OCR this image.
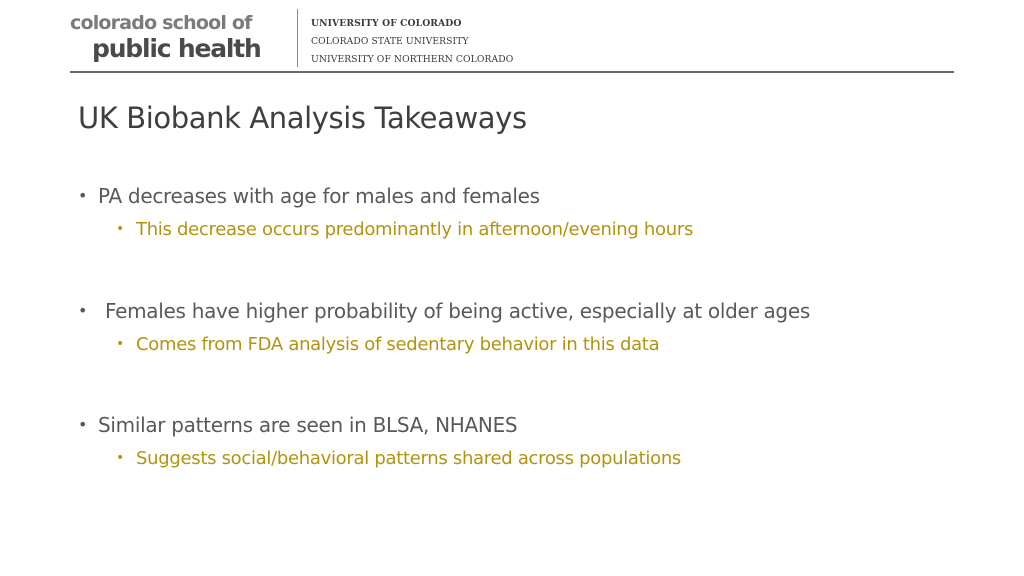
colorado school of
public health
UNIVERSITY OF COLORADO
COLORADO STATE UNIVERSITY
UNIVERSITY OF NORTHERN COLORADO
UK Biobank Analysis Takeaways
• PA decreases with age for males and females
• This decrease occurs predominantly in afternoon/evening hours
• Females have higher probability of being active, especially at older ages
• Comes from FDA analysis of sedentary behavior in this data
• Similar patterns are seen in BLSA, NHANES
• Suggests social/behavioral patterns shared across populations
